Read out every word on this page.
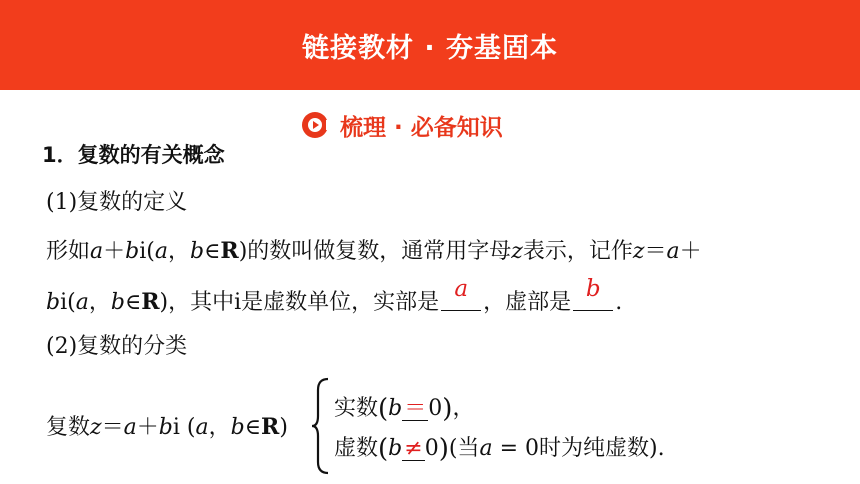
链接教材 · 夯基固本
梳理 · 必备知识
1．复数的有关概念
(1)复数的定义
形如a＋bi(a，b∈R)的数叫做复数，通常用字母z表示，记作z＝a＋
bi(a，b∈R)，其中i是虚数单位，实部是
a
，虚部是
b
.
(2)复数的分类
复数z＝a＋bi (a，b∈R)
实数(b＝0)，
虚数(b≠0)(当a = 0时为纯虚数).
